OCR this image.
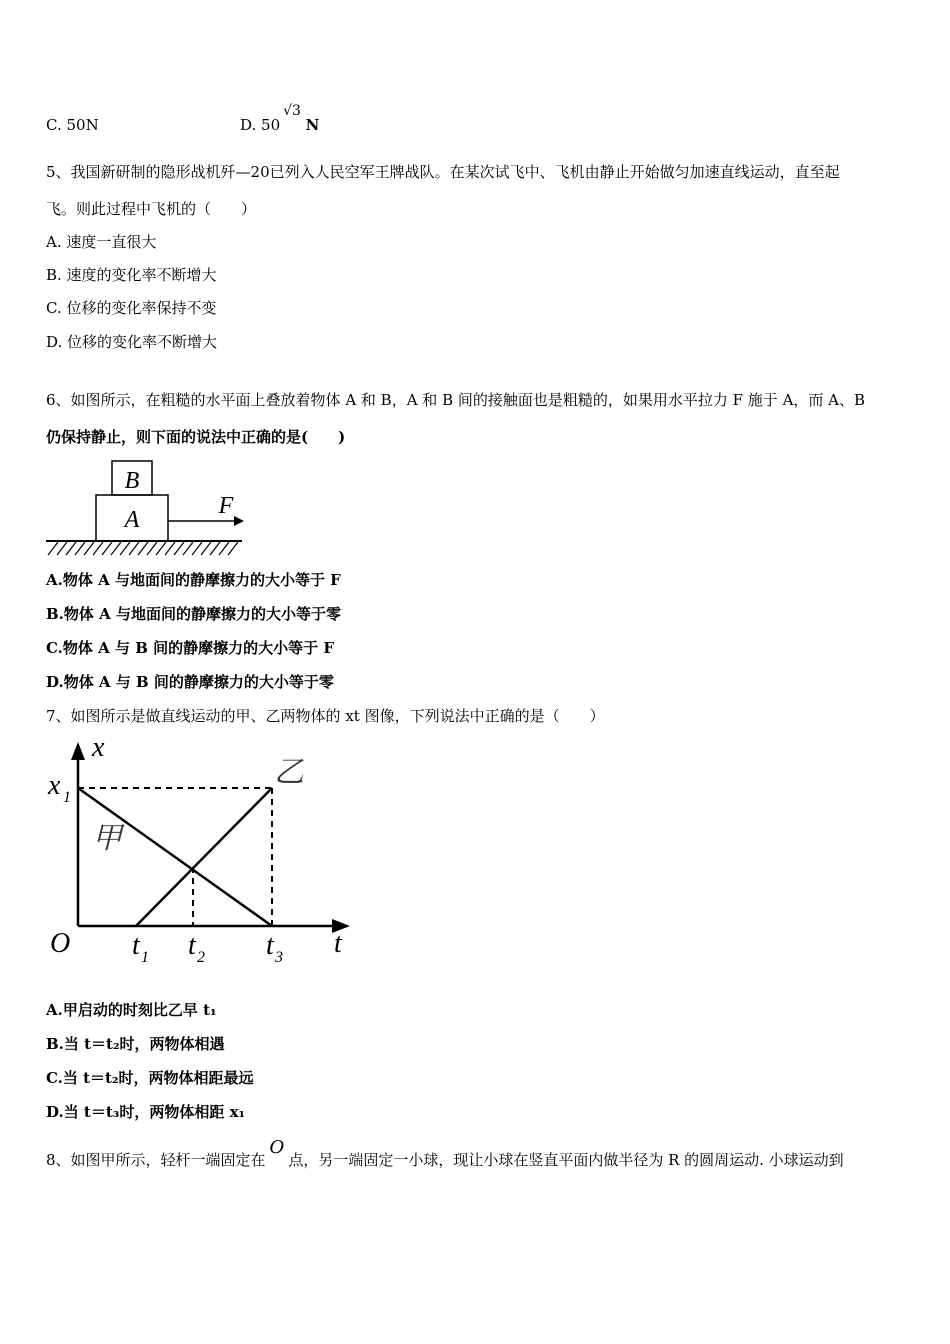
C. 50N	D. 50
√3
N
5、我国新研制的隐形战机歼—20已列入人民空军王牌战队。在某次试飞中、飞机由静止开始做匀加速直线运动，直至起
飞。则此过程中飞机的（　　）
A. 速度一直很大
B. 速度的变化率不断增大
C. 位移的变化率保持不变
D. 位移的变化率不断增大
6、如图所示，在粗糙的水平面上叠放着物体 A 和 B，A 和 B 间的接触面也是粗糙的，如果用水平拉力 F 施于 A，而 A、B
仍保持静止，则下面的说法中正确的是(　　)
B
A
F
A.物体 A 与地面间的静摩擦力的大小等于 F
B.物体 A 与地面间的静摩擦力的大小等于零
C.物体 A 与 B 间的静摩擦力的大小等于 F
D.物体 A 与 B 间的静摩擦力的大小等于零
7、如图所示是做直线运动的甲、乙两物体的 xt 图像，下列说法中正确的是（　　）
x
t
O
x 1
甲
乙
t 1 t 2 t 3
A.甲启动的时刻比乙早 t₁
B.当 t＝t₂时，两物体相遇
C.当 t＝t₂时，两物体相距最远
D.当 t＝t₃时，两物体相距 x₁
8、如图甲所示，轻杆一端固定在O点，另一端固定一小球，现让小球在竖直平面内做半径为 R 的圆周运动. 小球运动到
